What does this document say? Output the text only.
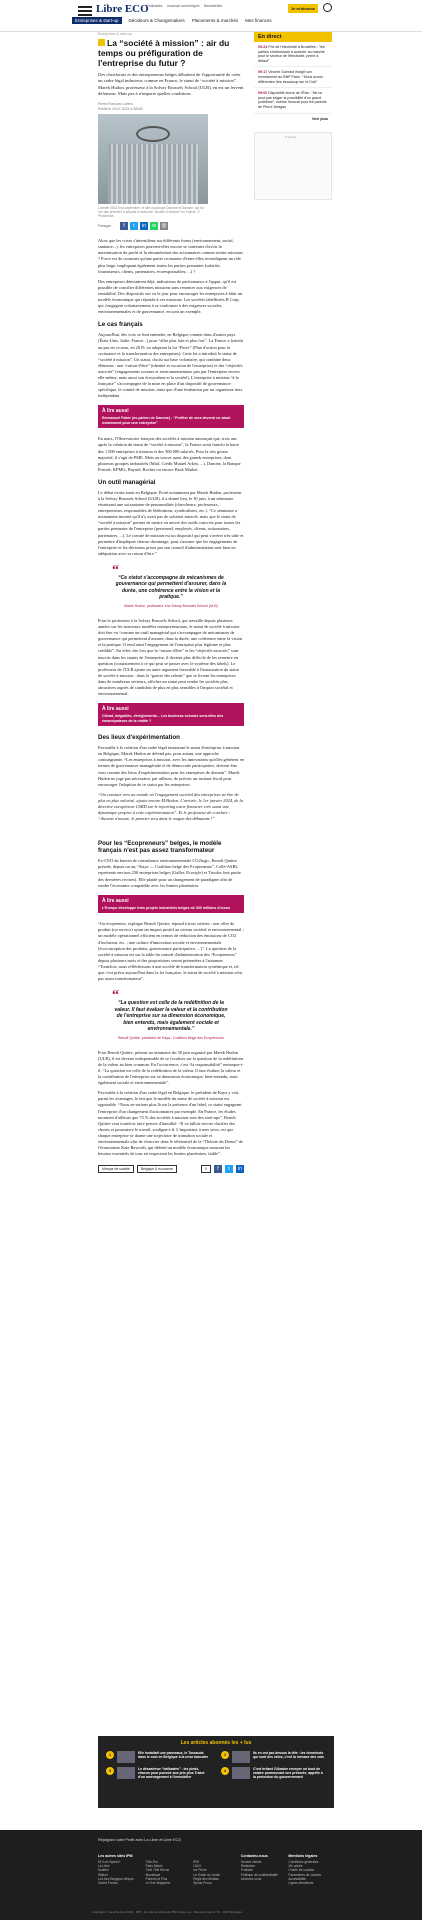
Libre ECO
Podcasts Journal numérique Newsletter
Je m'abonne
Entreprises & start-up	Décideurs & Changemakers Placements & marchés Mes finances
Entreprises & start-up
La “société à mission” : air du temps ou préfiguration de l'entreprise du futur ?

Des chercheurs et des entrepreneurs belges débattent de l'opportunité de créer un cadre légal inducteur, comme en France, le statut de “société à mission”. Marek Hudon, professeur à la Solvay Brussels School (ULB), en est un fervent défenseur. Mais pas à n'importe quelles conditions.

Pierre-François Lovens
Publié le 19-07-2023 à 08h28
L'année 2022 fin a septembre, le site du groupe Danone et Danone, qui fut l'un des premiers à adopter le statut de “société à mission” en France. © Photonews
Partager	f	t	in	w	@

Alors que les crises s'intensifient sur différents fronts (environnement, social, sanitaire...), les entreprises peuvent-elles encore se contenter d'avoir la maximisation du profit et la rémunération des actionnaires comme seules missions ? Force est de constater qu'une partie croissante d'entre elles revendiquent un rôle plus large, impliquant également toutes les parties prenantes (salariés, fournisseurs, clients, partenaires, écoresponsables, ...) ?

Des entreprises démontrent déjà, indicateurs de performance à l'appui, qu'il est possible de concilier différentes missions sans renoncer aux exigences de rentabilité. Des dispositifs ont vu le jour pour encourager les entreprises à bâtir un modèle économique qui réponde à ces missions. Les sociétés labellisées B Corp, qui s'engagent volontairement à se conformer à des exigences sociales, environnementales et de gouvernance, en sont un exemple.

Le cas français

Aujourd'hui, des voix se font entendre, en Belgique comme dans d'autres pays (États-Unis, Italie, France...) pour “aller plus loin et plus fort”. La France a franchi un pas en ce sens, en 2019, en adoptant la loi “Pacte” (Plan d'action pour la croissance et la transformation des entreprises). Cette loi a introduit le statut de “société à mission”. Un statut, choisi sur base volontaire, qui combine deux éléments : une “raison d'être” (identité et vocation de l'entreprise) et des “objectifs associés” (engagements sociaux et environnementaux pris par l'entreprise envers elle-même, mais aussi son écosystème et la société). L'entreprise à mission “à la française” s'accompagne de la mise en place d'un dispositif de gouvernance spécifique, le comité de mission, ainsi que d'une évaluation par un organisme tiers indépendant.

À lire aussi
Emmanuel Faber (ex-patron de Danone) : “Profiter de sera devenir un atout notamment pour une entreprise”

En mars, l'Observatoire français des sociétés à mission annonçait que, trois ans après la création du statut de “société à mission”, la France avait franchi la barre des 1 000 entreprises à mission et des 500 000 salariés. Pour la très grosse majorité, il s'agit de PME. Mais on trouve aussi des grands entreprises, dont plusieurs groupes industriels (Maif, Crédit Mutuel Arkéa, ...), Danone, la Banque Postale, KPMG, Bayard, Rocher ou encore Back Market.

Un outil managérial

Le débat existe aussi en Belgique. Porté notamment par Marek Hudon, professeur à la Solvay Brussels School (ULB), il a donné lieu, le 30 juin, à un séminaire réunissant une soixantaine de personnalités (chercheurs, professeurs, entrepreneurs, responsables de fédérations, syndicalistes, etc.). “Ce séminaire a notamment montré qu'il n'y avait pas de solution miracle, mais que le statut de “société à mission” permet de mettre en œuvre des outils concrets pour toutes les parties prenantes de l'entreprise (personnel, employés, clients, actionnaires, partenaires, ...). Le comité de mission est un dispositif qui peut s'avérer très utile et permettre d'impliquer chacun davantage, pour s'assurer que les engagements de l'entreprise et les décisions prises par son conseil d'administration sont bien en adéquation avec sa raison d'être.”

“ “Ce statut s'accompagne de mécanismes de gouvernance qui permettent d'assurer, dans la durée, une cohérence entre la vision et la pratique.”
Marek Hudon, professeur à la Solvay Brussels School (ULB)

Pour le professeur à la Solvay Brussels School, qui travaille depuis plusieurs années sur les nouveaux modèles entrepreneuriaux, le statut de société à mission doit être vu “comme un outil managérial qui s'accompagne de mécanismes de gouvernance qui permettent d'assurer, dans la durée, une cohérence entre la vision et la pratique. Il rend ainsi l'engagement de l'entreprise plus légitime et plus crédible”. En effet, des lors que la “raison d'être” et les “objectifs associés” sont inscrits dans les statuts de l'entreprise, il devient plus difficile de les remettre en question (contrairement à ce qui peut se passer avec le système des labels). Le professeur de l'ULB ajoute un autre argument favorable à l'instauration du statut de société à mission : dans la “guerre des talents” que se livrent les entreprises dans de nombreux secteurs, afficher un statut peut rendre les sociétés plus attractives auprès de candidats de plus en plus sensibles à l'impact sociétal et environnemental.

À lire aussi
Climat, inégalités, dérèglements... Les business schools sont-elles des émancipateurs de la réalité ?
Des lieux d'expérimentation

Favorable à la création d'un cadre légal instaurant le statut d'entreprise à mission en Belgique, Marek Hudon ne défend pas, pour autant, une approche contraignante. “Les entreprises à mission, avec les innovations qu'elles génèrent en termes de gouvernance managériale et de démocratie participative, doivent être vues comme des lieux d'expérimentation pour les entreprises de demain”. Marek Hudon ne juge pas nécessaire, par ailleurs, de prévoir un incitant fiscal pour encourager l'adoption de ce statut par les entreprises.

“On constate vers un monde où l'engagement sociétal des entreprises va être de plus en plus valorisé, ajoute encore M.Hudon. L'arrivée, le 1er janvier 2024, de la directive européenne CSRD sur le reporting extra-financier crée aussi une dynamique propice à cette expérimentation”. Et le professeur de conclure : “Aucune n'assure, le premier sera dans le wagon des débutants !”

Pour les “Ecopreneurs” belges, le modèle français n'est pas assez transformateur

Ex-CEO du bureau de consultance environnementale CO2logic, Benoît Quittre préside, depuis un an, “Kaya — Coalition belge des Ecopreneurs”. Celle-ASBL représente environ 230 entreprises belges (Galler, Ecostyle) et Triodos font partie des dernières recrues). Elle plaide pour un changement de paradigme afin de rendre l'économie compatible avec les limites planétaires.

À lire aussi
L'Europe développe trois projets industriels belges de 330 millions d'euros

“Un écopreneur, explique Benoît Quittre, répond à trois critères : une offre de produit (ou service) ayant un impact positif au niveau sociétal et environnemental ; un modèle opérationnel efficient en termes de réduction des émissions de CO2 d'inclusion, etc. ; une culture d'innovation sociale et environnementale (écoconception des produits, gouvernance participative, ...)”. La question de la société à mission est sur la table du conseil d'administration des “Ecopreneurs” depuis plusieurs mois et des propositions seront présentées à l'automne. “Toutefois, nous réfléchissons à une société de transformation systémique et, tel que c'est prévu aujourd'hui dans la loi française, le statut de société à mission n'est pas assez transformateur”.

“ “La question est celle de la redéfinition de la valeur. Il faut évaluer la valeur et la contribution de l'entreprise sur sa dimension économique, bien entendu, mais également sociale et environnementale.”
Benoît Quittre, président de Kaya - Coalition belge des Ecopreneurs

Pour Benoît Quittre, présent au séminaire du 30 juin organisé par Marek Hudon (ULB), il est devenu indispensable de se focaliser sur la question de la redéfinition de la valeur au bien commun. En l'occurrence, c'est “la responsabilité” remarque-t-il. “La question est celle de la redéfinition de la valeur. Il faut évaluer la valeur et la contribution de l'entreprise sur sa dimension économique, bien entendu, mais également sociale et environnementale”.

Favorable à la création d'un cadre légal en Belgique, le président de Kaya y voit, parmi les avantages, le fait que le modèle du statut de société à mission est opposable. “Nous ne serions plus là sur la présence d'un label, ce statut engageant l'entreprise d'un changement d'actionnaires par exemple. En France, les études montrent d'ailleurs que 75 % des sociétés à mission sont des start-ups”. Benoît Quittre veut toutefois faire preuve d'humilité. “Il va falloir encore clarifier des choses et poursuivre le travail, souligne-t-il. L'important, à mes yeux, est que chaque entreprise se donne une trajectoire de transition sociale et environnementale afin de s'inscrire dans le référentiel de la “Théorie du Donut” de l'économiste Kate Raworth, qui défend un modèle économique assurant les besoins essentiels de tous en respectant les limites planétaires, faible”.

Marque de société	Belgique & économie	0	f	t	in
En direct
09:24 Prix de l'électricité à Bruxelles : “les parties s'intéressant à accéder au marché pour le secteur de l'électricité, prime à défaut”
09:17 Vincent Guérard élargit son recrutement au BNP Paris : “Nous avons différentes très beaucoup sur le Dub”
09:00 Dispositifs leurre de l'État : “Ne ne peut pas exiger la possibilité d'un grand problème”, estime l'avocat pour les parents de Pierre Deagan
Voir plus
Publicité
Les articles abonnés les + lus
1	Elle installait une panneaux, le Tussauds dans le coin en Belgique à la crise bancaire
2	Ils en ont par-dessus la tête : les cheminots qui sont des vélos, c'est la menace des vols
3	Le désastreux “belliaates” : les pieds, chacun pour pouvoir aux prix plus Trainé d'un aménagement à l'immobilier
4	C'est irritant l'Ukraine envoyer un bout de salaire promouvant une présente, appelle à la protection du gouvernement
Rejoignez votre Profit avec La Libre et Libre ECO
Les autres sites IPM
DH Les Sports+
La Libre
Sudinfo
Wallon
La Libre Belgique Afrique
Grand Pronos

Télé-Pro
Paris Match
Ciné Télé Revue
Moustique
Parents et Plus
Le Soir Magazine

IPM
LN24
Ice Prime
Le Guide du Jardin
Regie des Médias
Sports Prono
Contactez-nous
Service clients
Rédaction
Publicité
Politique de confidentialité
Abonnez-vous
Mentions légales
Conditions générales
Vie privée
Charte de cookies
Paramètres de cookies
Accessibilité
Lignes directrices
Copyright © La Libre Eco 2023 · IPM · Ce site est édité par IPM Group s.a. · Rue des Francs 79 · 1040 Bruxelles
